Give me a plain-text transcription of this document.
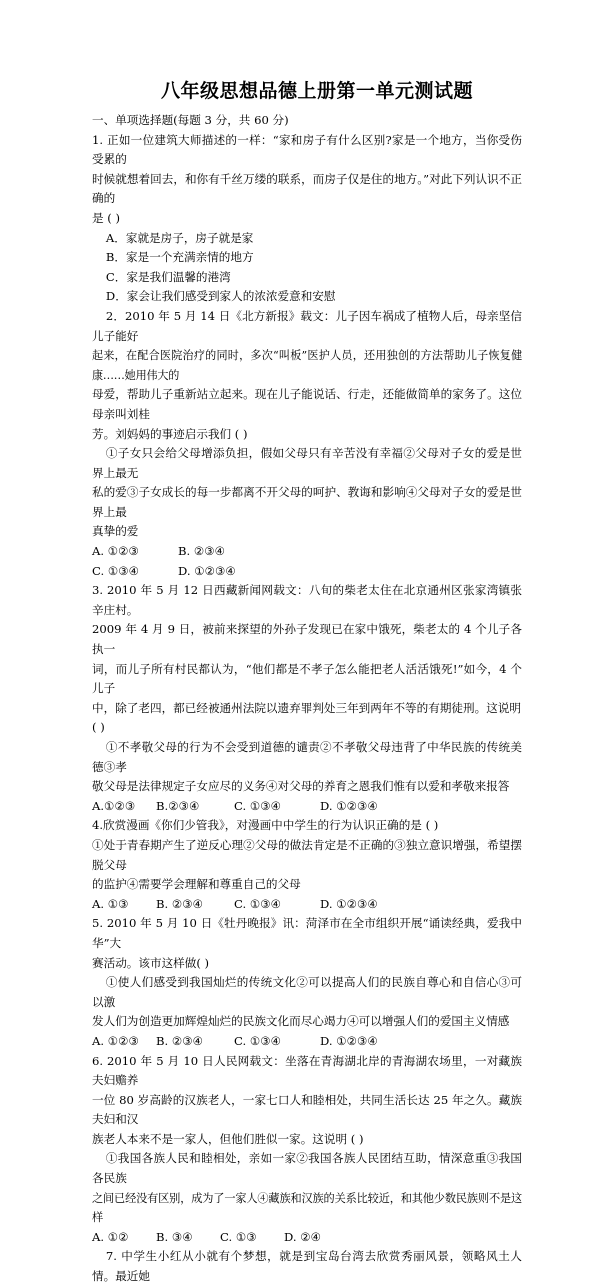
八年级思想品德上册第一单元测试题

一、单项选择题(每题 3 分，共 60 分)

1. 正如一位建筑大师描述的一样：“家和房子有什么区别?家是一个地方，当你受伤受累的

时候就想着回去，和你有千丝万缕的联系，而房子仅是住的地方。”对此下列认识不正确的

是 ( )

A．家就是房子，房子就是家

B．家是一个充满亲情的地方

C．家是我们温馨的港湾

D．家会让我们感受到家人的浓浓爱意和安慰

2．2010 年 5 月 14 日《北方新报》载文：儿子因车祸成了植物人后，母亲坚信儿子能好

起来，在配合医院治疗的同时，多次“叫板”医护人员，还用独创的方法帮助儿子恢复健康……她用伟大的

母爱，帮助儿子重新站立起来。现在儿子能说话、行走，还能做简单的家务了。这位母亲叫刘桂

芳。刘妈妈的事迹启示我们 ( )

①子女只会给父母增添负担，假如父母只有辛苦没有幸福②父母对子女的爱是世界上最无

私的爱③子女成长的每一步都离不开父母的呵护、教诲和影响④父母对子女的爱是世界上最

真挚的爱

A. ①②③	B. ②③④
C. ①③④	D. ①②③④

3. 2010 年 5 月 12 日西藏新闻网载文：八旬的柴老太住在北京通州区张家湾镇张辛庄村。

2009 年 4 月 9 日，被前来探望的外孙子发现已在家中饿死，柴老太的 4 个儿子各执一

词，而儿子所有村民都认为，“他们都是不孝子怎么能把老人活活饿死!”如今，4 个儿子

中，除了老四，都已经被通州法院以遗弃罪判处三年到两年不等的有期徒刑。这说明

( )

①不孝敬父母的行为不会受到道德的谴责②不孝敬父母违背了中华民族的传统美德③孝

敬父母是法律规定子女应尽的义务④对父母的养育之恩我们惟有以爱和孝敬来报答

A.①②③	B.②③④	C. ①③④	D. ①②③④

4.欣赏漫画《你们少管我》，对漫画中中学生的行为认识正确的是 ( )

①处于青春期产生了逆反心理②父母的做法肯定是不正确的③独立意识增强，希望摆脱父母

的监护④需要学会理解和尊重自己的父母

A. ①③	B. ②③④	C. ①③④	D. ①②③④

5. 2010 年 5 月 10 日《牡丹晚报》讯：菏泽市在全市组织开展“诵读经典，爱我中华”大

赛活动。该市这样做( )

①使人们感受到我国灿烂的传统文化②可以提高人们的民族自尊心和自信心③可以激

发人们为创造更加辉煌灿烂的民族文化而尽心竭力④可以增强人们的爱国主义情感

A. ①②③	B. ②③④	C. ①③④	D. ①②③④

6. 2010 年 5 月 10 日人民网载文：坐落在青海湖北岸的青海湖农场里，一对藏族夫妇赡养

一位 80 岁高龄的汉族老人，一家七口人和睦相处，共同生活长达 25 年之久。藏族夫妇和汉

族老人本来不是一家人，但他们胜似一家。这说明 ( )

①我国各族人民和睦相处，亲如一家②我国各族人民团结互助，情深意重③我国各民族

之间已经没有区别，成为了一家人④藏族和汉族的关系比较近，和其他少数民族则不是这样

A. ①②	B. ③④	C. ①③	D. ②④

7. 中学生小红从小就有个梦想，就是到宝岛台湾去欣赏秀丽风景，领略风土人情。最近她
